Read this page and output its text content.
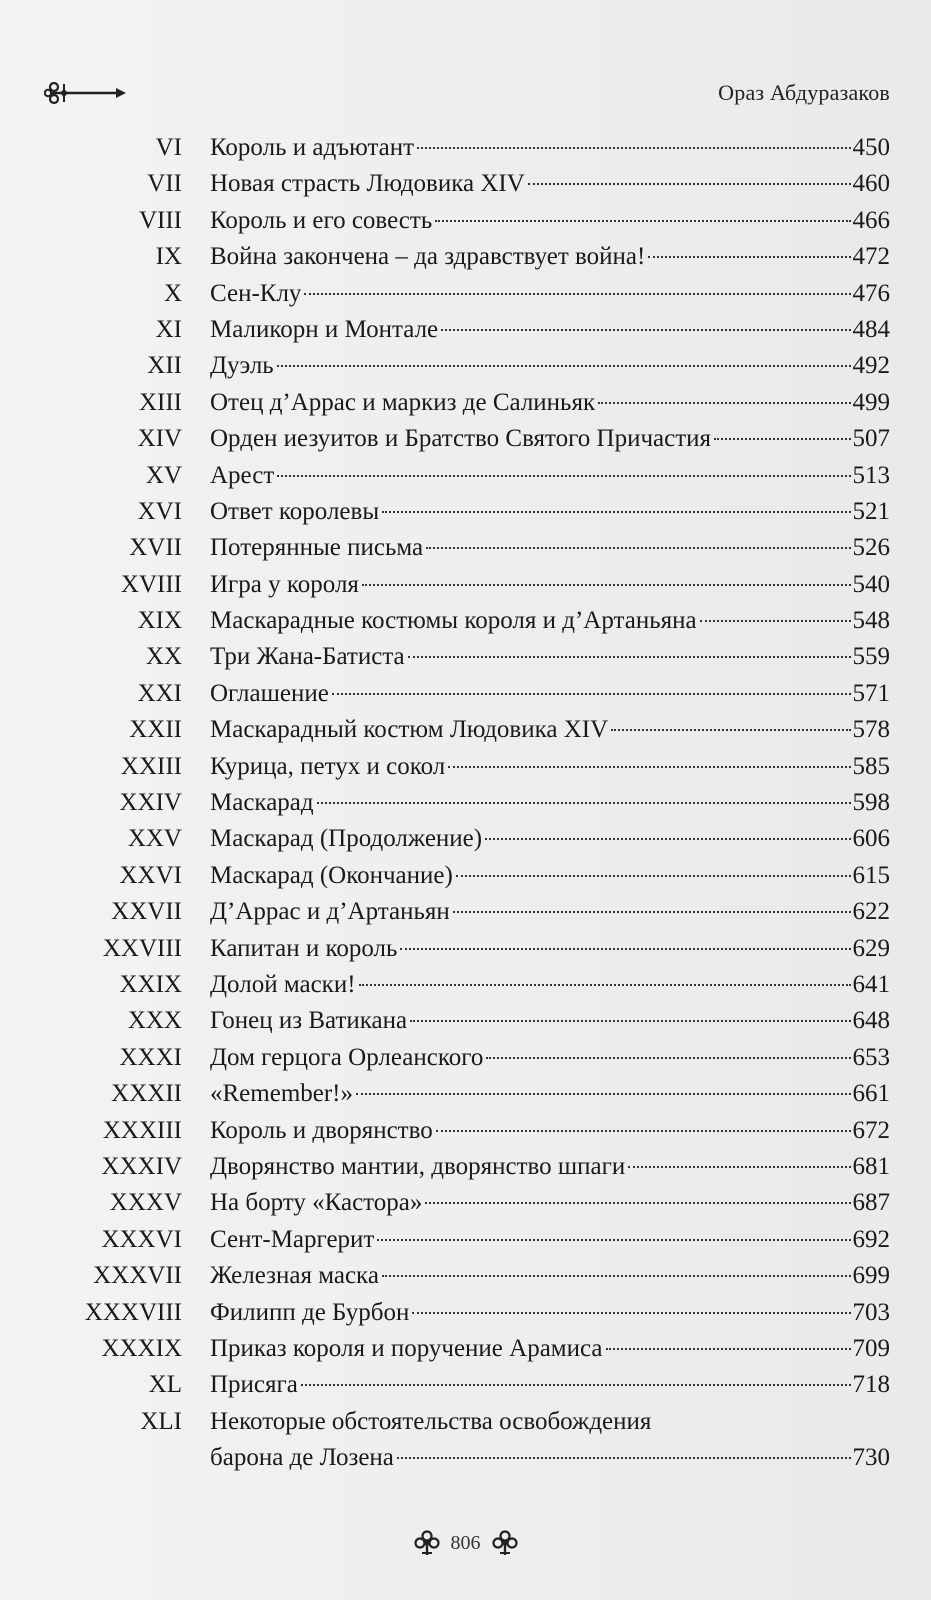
Ораз Абдуразаков
VI Король и адъютант	450
VII Новая страсть Людовика XIV	460
VIII Король и его совесть	466
IX Война закончена – да здравствует война!	472
X Сен-Клу	476
XI Маликорн и Монтале	484
XII Дуэль	492
XIII Отец д’Аррас и маркиз де Салиньяк	499
XIV Орден иезуитов и Братство Святого Причастия	507
XV Арест	513
XVI Ответ королевы	521
XVII Потерянные письма	526
XVIII Игра у короля	540
XIX Маскарадные костюмы короля и д’Артаньяна	548
XX Три Жана-Батиста	559
XXI Оглашение	571
XXII Маскарадный костюм Людовика XIV	578
XXIII Курица, петух и сокол	585
XXIV Маскарад	598
XXV Маскарад (Продолжение)	606
XXVI Маскарад (Окончание)	615
XXVII Д’Аррас и д’Артаньян	622
XXVIII Капитан и король	629
XXIX Долой маски!	641
XXX Гонец из Ватикана	648
XXXI Дом герцога Орлеанского	653
XXXII «Remember!»	661
XXXIII Король и дворянство	672
XXXIV Дворянство мантии, дворянство шпаги	681
XXXV На борту «Кастора»	687
XXXVI Сент-Маргерит	692
XXXVII Железная маска	699
XXXVIII Филипп де Бурбон	703
XXXIX Приказ короля и поручение Арамиса	709
XL Присяга	718
XLI Некоторые обстоятельства освобождения
барона де Лозена	730
806
